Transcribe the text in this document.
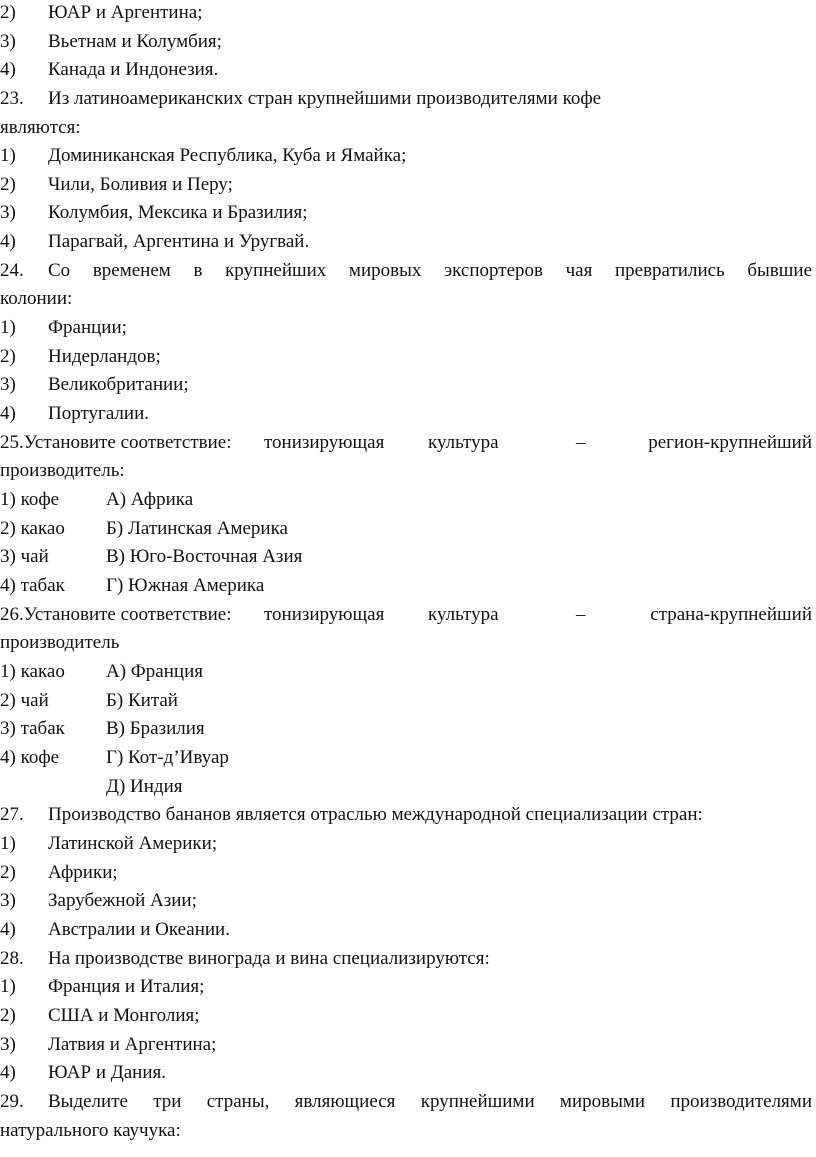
2) ЮАР и Аргентина;
3) Вьетнам и Колумбия;
4) Канада и Индонезия.
23. Из латиноамериканских стран крупнейшими производителями кофе
являются:
1) Доминиканская Республика, Куба и Ямайка;
2) Чили, Боливия и Перу;
3) Колумбия, Мексика и Бразилия;
4) Парагвай, Аргентина и Уругвай.
24. Со временем в крупнейших мировых экспортеров чая превратились бывшие
колонии:
1) Франции;
2) Нидерландов;
3) Великобритании;
4) Португалии.
25.Установите соответствие: тонизирующая культура	–	регион-крупнейший
производитель:
1) кофе А) Африка
2) какао Б) Латинская Америка
3) чай	В) Юго-Восточная Азия
4) табак Г) Южная Америка
26.Установите соответствие: тонизирующая культура	–	страна-крупнейший
производитель
1) какао А) Франция
2) чай	Б) Китай
3) табак В) Бразилия
4) кофе Г) Кот-д’Ивуар
Д) Индия
27. Производство бананов является отраслью международной специализации стран:
1) Латинской Америки;
2) Африки;
3) Зарубежной Азии;
4) Австралии и Океании.
28. На производстве винограда и вина специализируются:
1) Франция и Италия;
2) США и Монголия;
3) Латвия и Аргентина;
4) ЮАР и Дания.
29. Выделите три страны, являющиеся крупнейшими мировыми производителями
натурального каучука:
